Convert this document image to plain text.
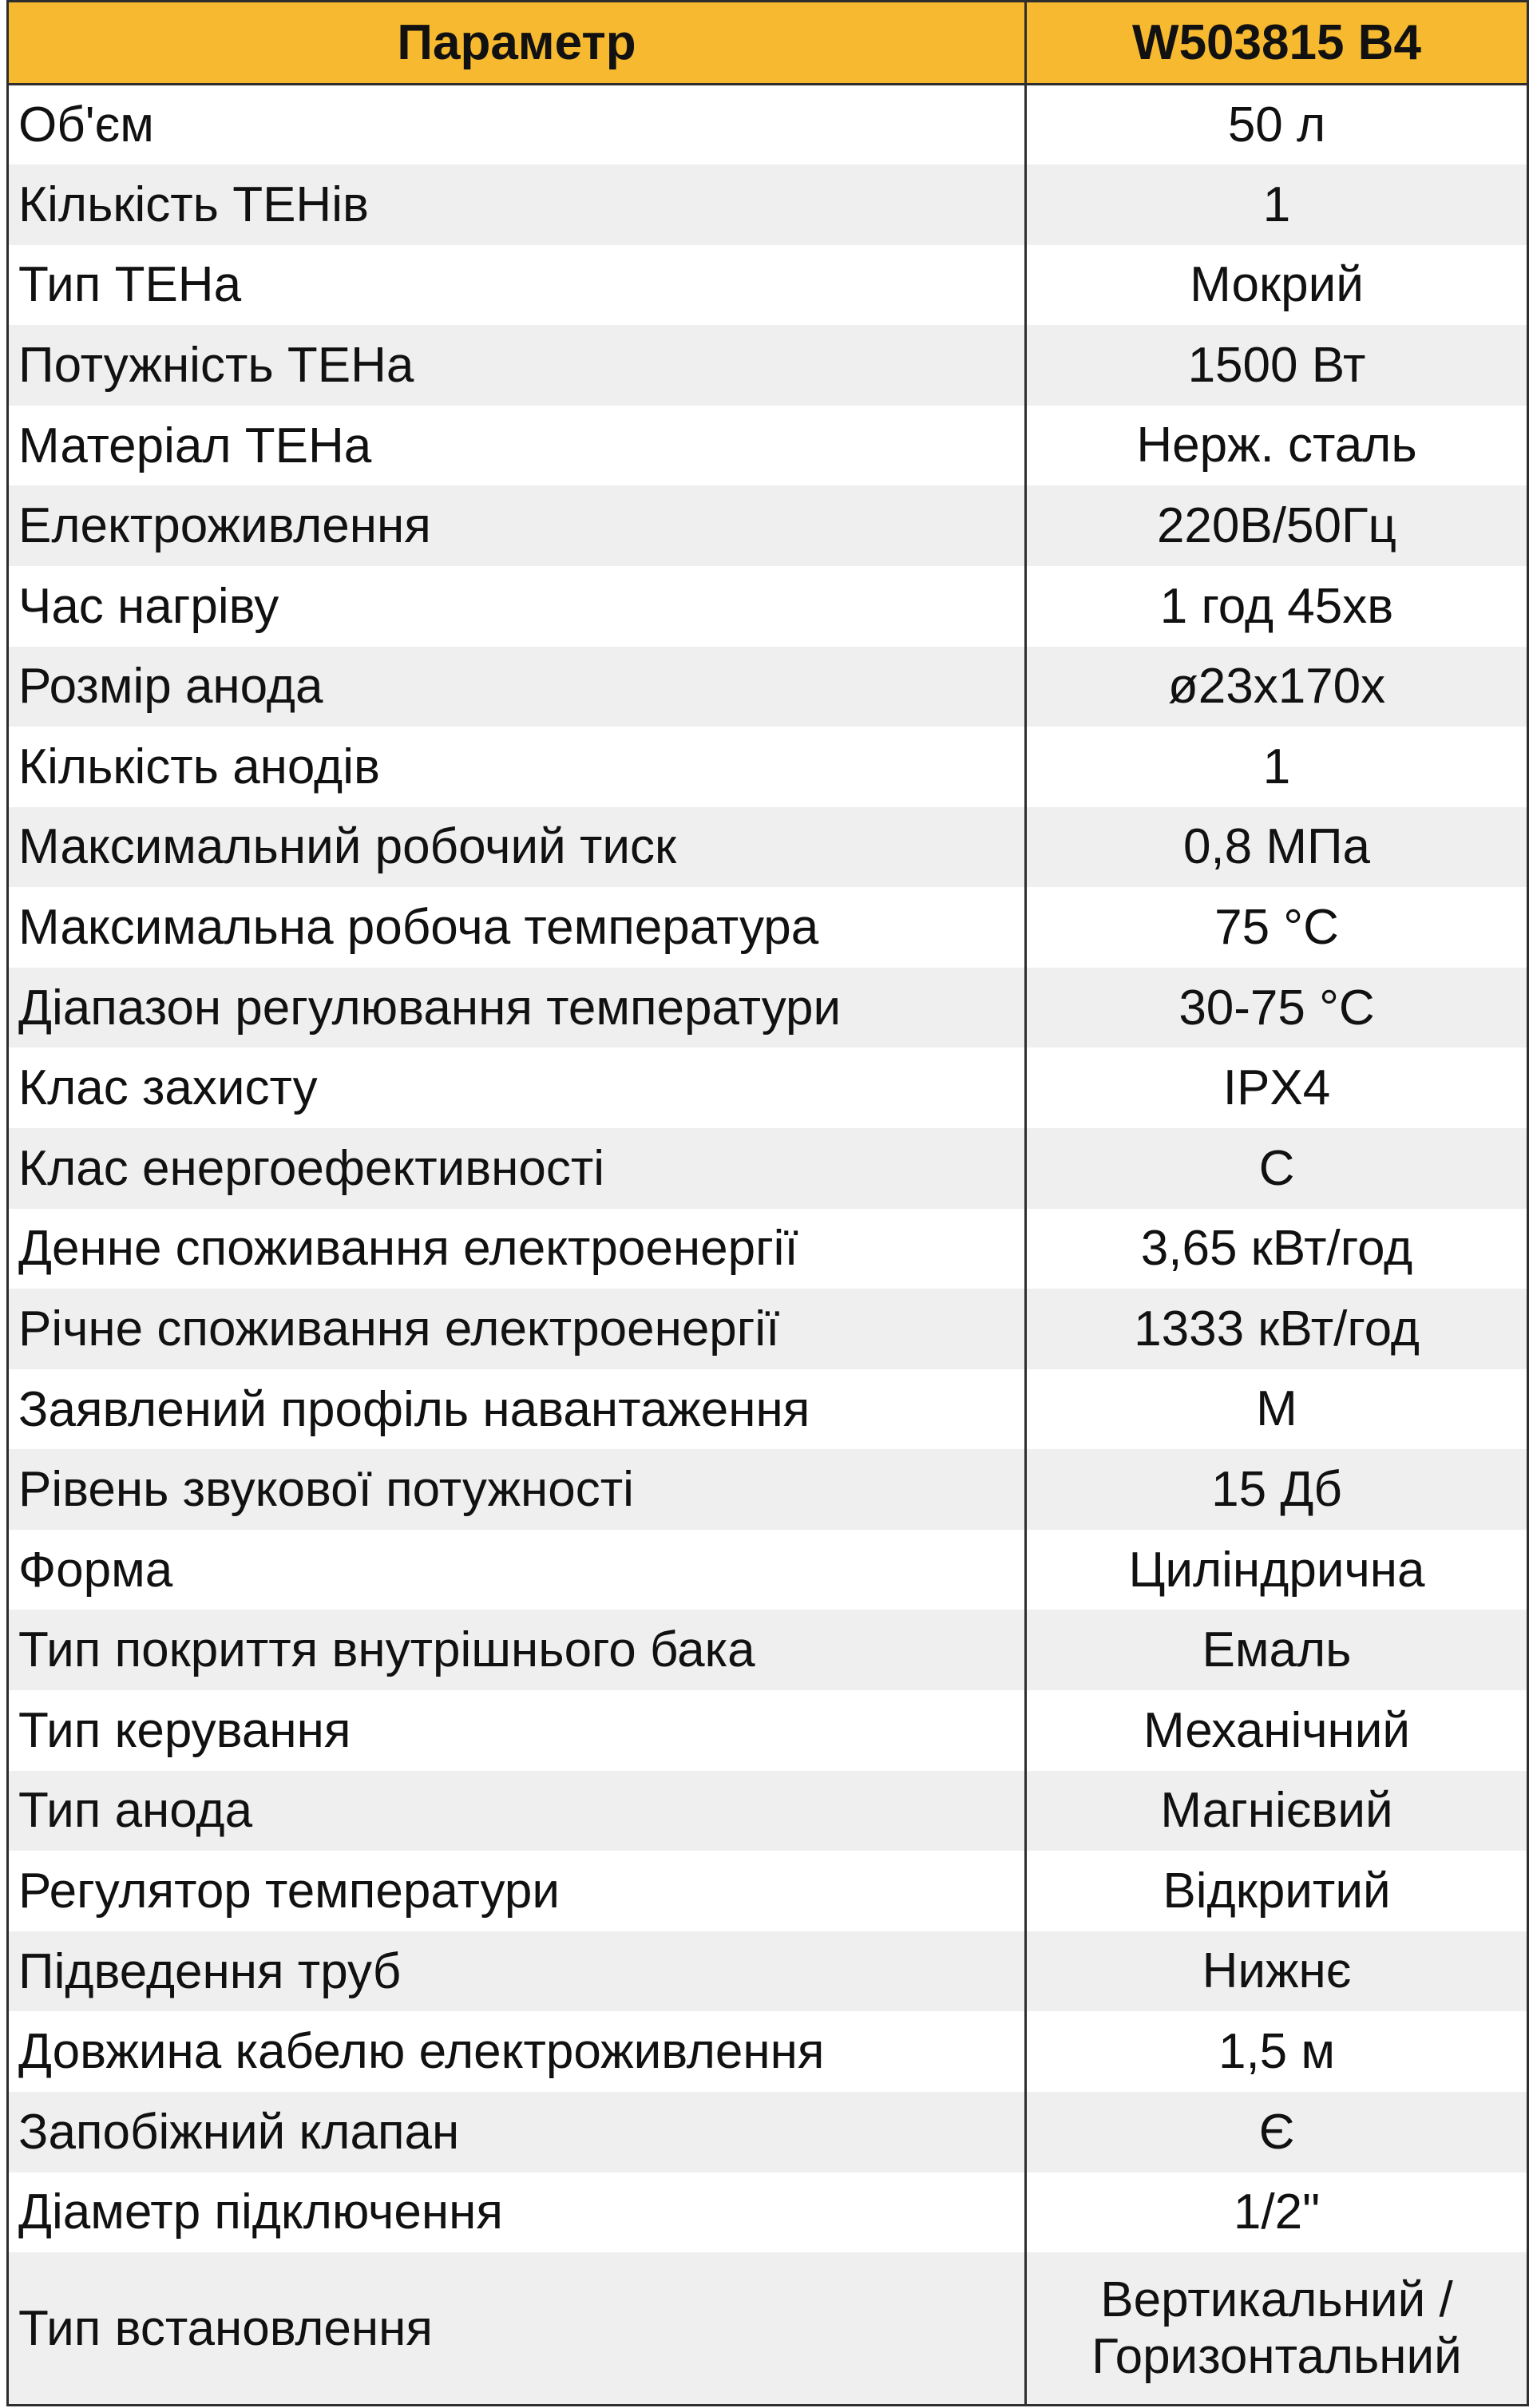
Параметр	W503815 B4
Об'єм	50 л
Кількість ТЕНів	1
Тип ТЕНа	Мокрий
Потужність ТЕНа	1500 Вт
Матеріал ТЕНа	Нерж. сталь
Електроживлення	220В/50Гц
Час нагріву	1 год 45хв
Розмір анода	ø23х170х
Кількість анодів	1
Максимальний робочий тиск	0,8 МПа
Максимальна робоча температура	75 °С
Діапазон регулювання температури	30-75 °С
Клас захисту	IPX4
Клас енергоефективності	С
Денне споживання електроенергії	3,65 кВт/год
Річне споживання електроенергії	1333 кВт/год
Заявлений профіль навантаження	М
Рівень звукової потужності	15 Дб
Форма	Циліндрична
Тип покриття внутрішнього бака	Емаль
Тип керування	Механічний
Тип анода	Магнієвий
Регулятор температури	Відкритий
Підведення труб	Нижнє
Довжина кабелю електроживлення	1,5 м
Запобіжний клапан	Є
Діаметр підключення	1/2"
Тип встановлення	Вертикальний /
Горизонтальний
